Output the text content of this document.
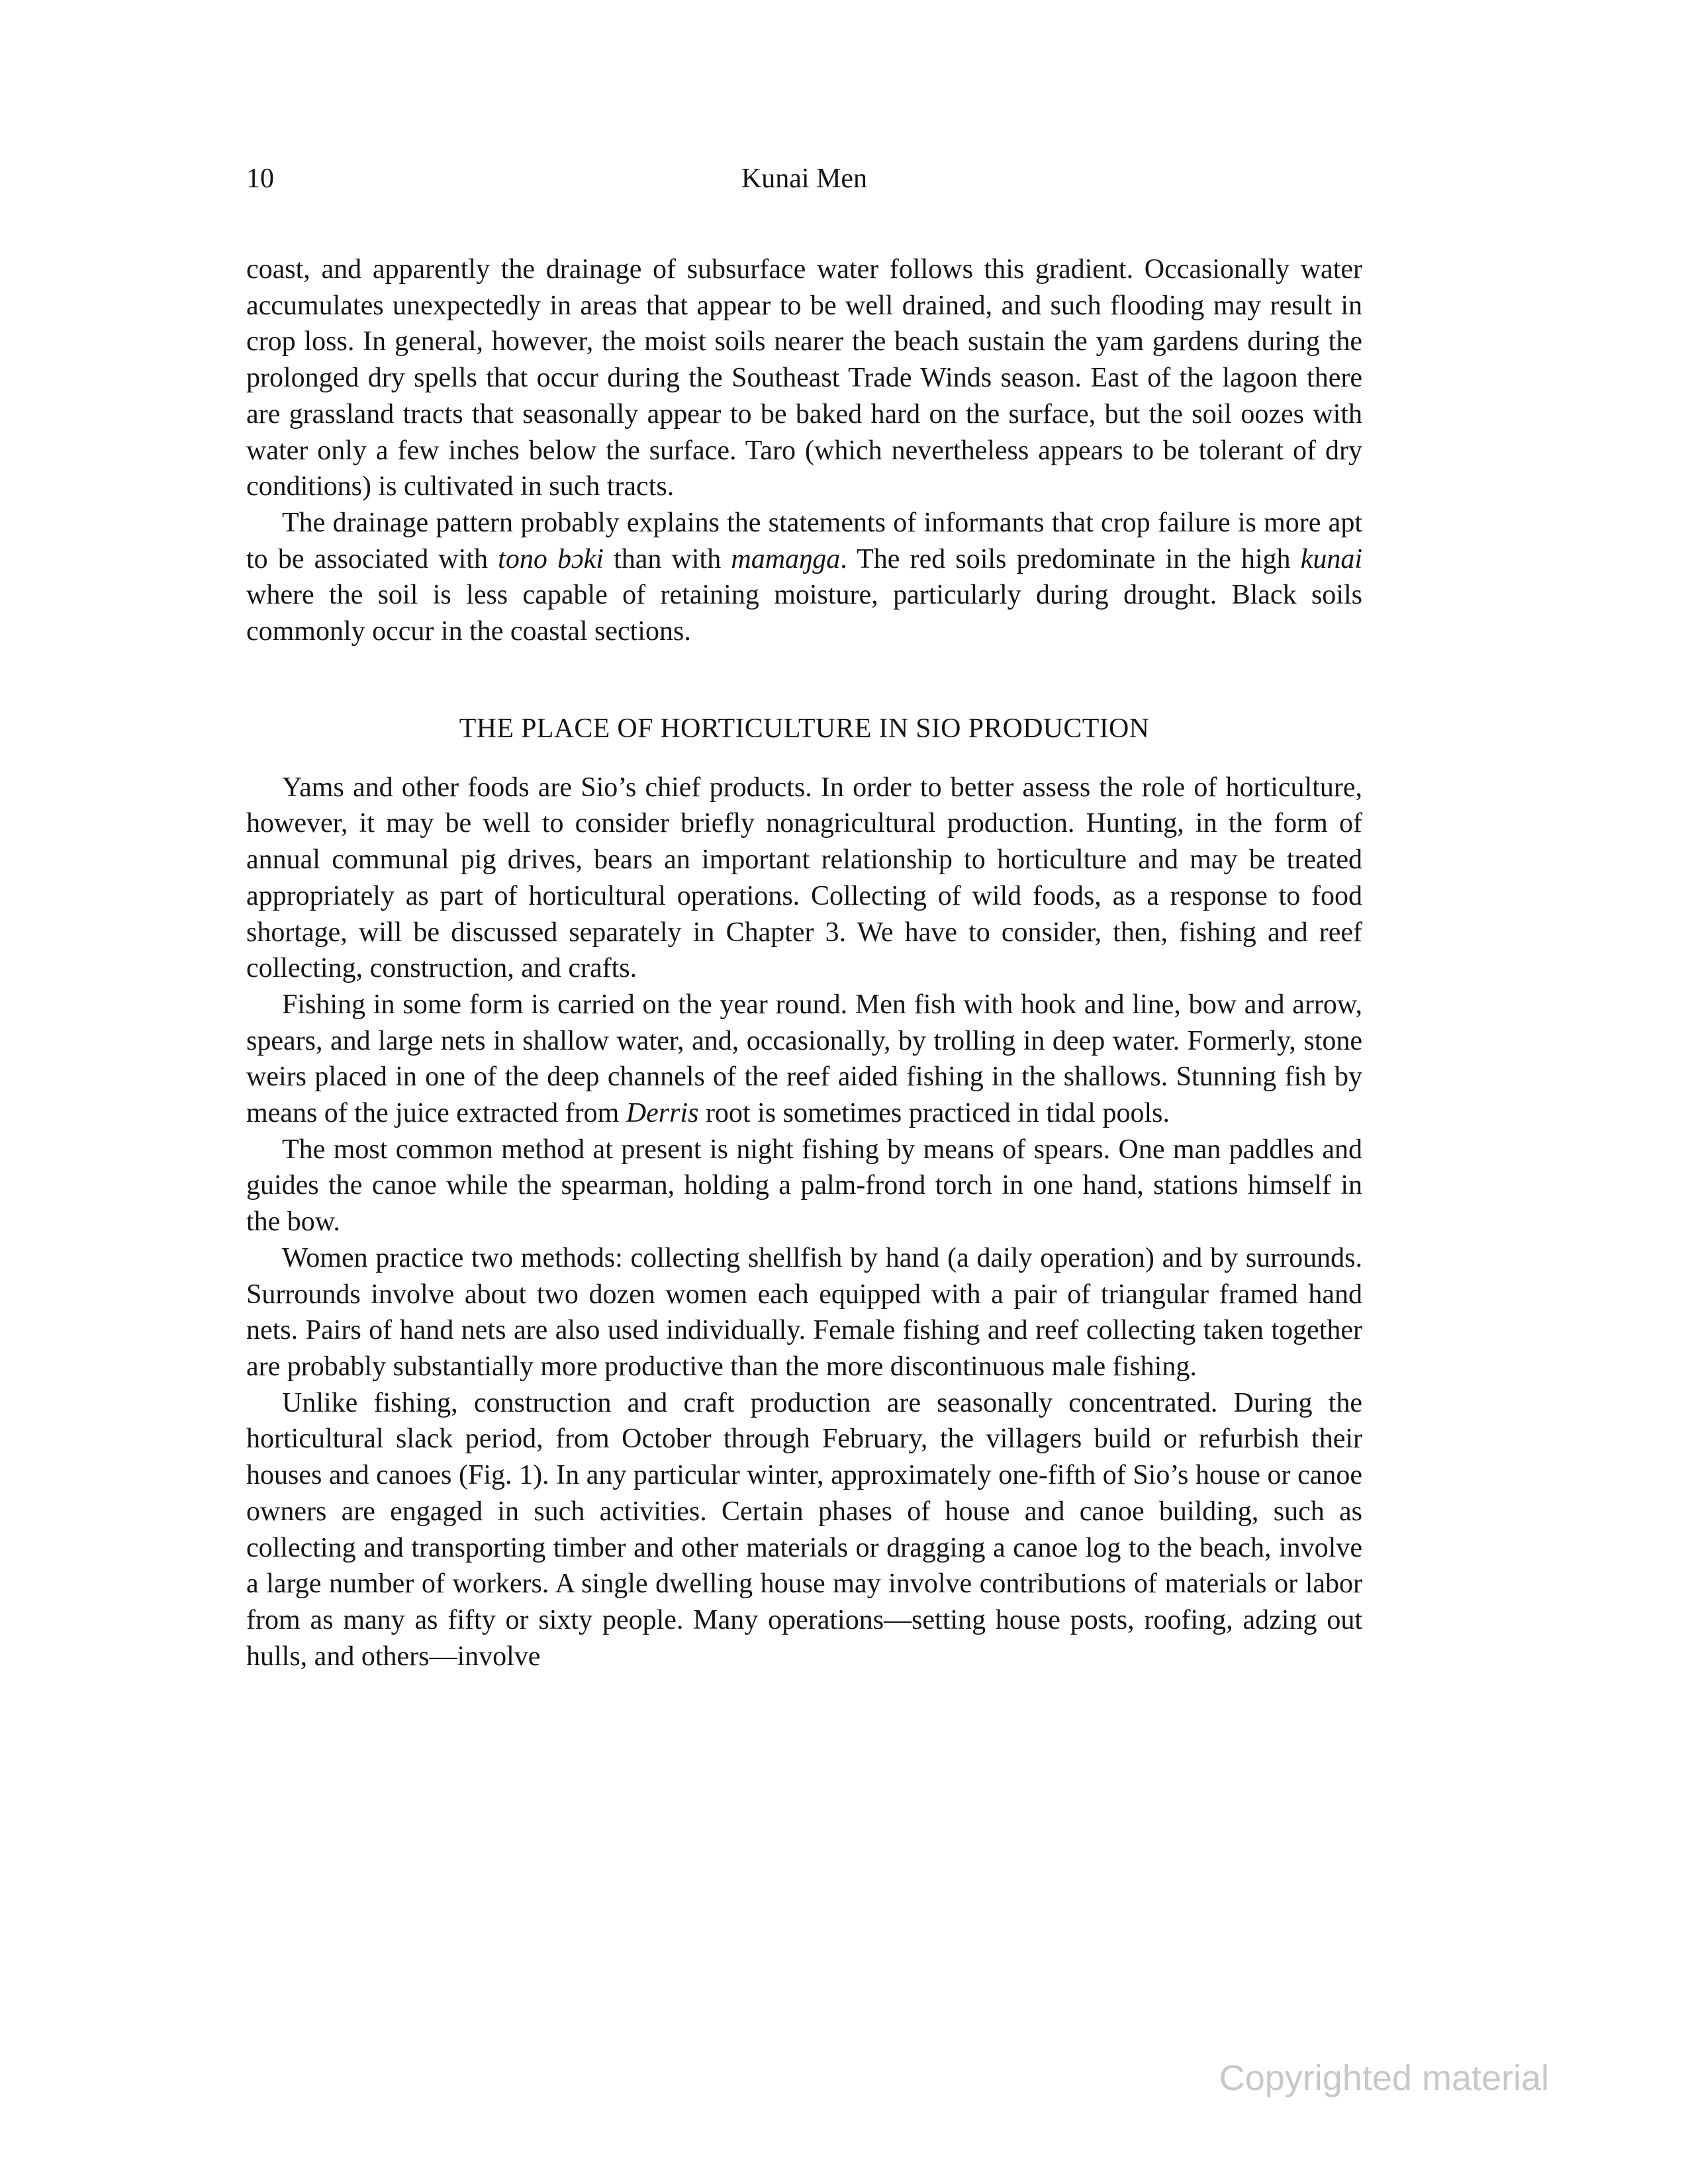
10	Kunai Men

coast, and apparently the drainage of subsurface water follows this gradient. Occasionally water accumulates unexpectedly in areas that appear to be well drained, and such flooding may result in crop loss. In general, however, the moist soils nearer the beach sustain the yam gardens during the prolonged dry spells that occur during the Southeast Trade Winds season. East of the lagoon there are grassland tracts that seasonally appear to be baked hard on the surface, but the soil oozes with water only a few inches below the surface. Taro (which nevertheless appears to be tolerant of dry conditions) is cultivated in such tracts.

The drainage pattern probably explains the statements of informants that crop failure is more apt to be associated with tono bɔki than with mamaŋga. The red soils predominate in the high kunai where the soil is less capable of retaining moisture, particularly during drought. Black soils commonly occur in the coastal sections.

THE PLACE OF HORTICULTURE IN SIO PRODUCTION

Yams and other foods are Sio’s chief products. In order to better assess the role of horticulture, however, it may be well to consider briefly nonagricultural production. Hunting, in the form of annual communal pig drives, bears an important relationship to horticulture and may be treated appropriately as part of horticultural operations. Collecting of wild foods, as a response to food shortage, will be discussed separately in Chapter 3. We have to consider, then, fishing and reef collecting, construction, and crafts.

Fishing in some form is carried on the year round. Men fish with hook and line, bow and arrow, spears, and large nets in shallow water, and, occasionally, by trolling in deep water. Formerly, stone weirs placed in one of the deep channels of the reef aided fishing in the shallows. Stunning fish by means of the juice extracted from Derris root is sometimes practiced in tidal pools.

The most common method at present is night fishing by means of spears. One man paddles and guides the canoe while the spearman, holding a palm-frond torch in one hand, stations himself in the bow.

Women practice two methods: collecting shellfish by hand (a daily operation) and by surrounds. Surrounds involve about two dozen women each equipped with a pair of triangular framed hand nets. Pairs of hand nets are also used individually. Female fishing and reef collecting taken together are probably substantially more productive than the more discontinuous male fishing.

Unlike fishing, construction and craft production are seasonally concentrated. During the horticultural slack period, from October through February, the villagers build or refurbish their houses and canoes (Fig. 1). In any particular winter, approximately one-fifth of Sio’s house or canoe owners are engaged in such activities. Certain phases of house and canoe building, such as collecting and transporting timber and other materials or dragging a canoe log to the beach, involve a large number of workers. A single dwelling house may involve contributions of materials or labor from as many as fifty or sixty people. Many operations—setting house posts, roofing, adzing out hulls, and others—involve

Copyrighted material
